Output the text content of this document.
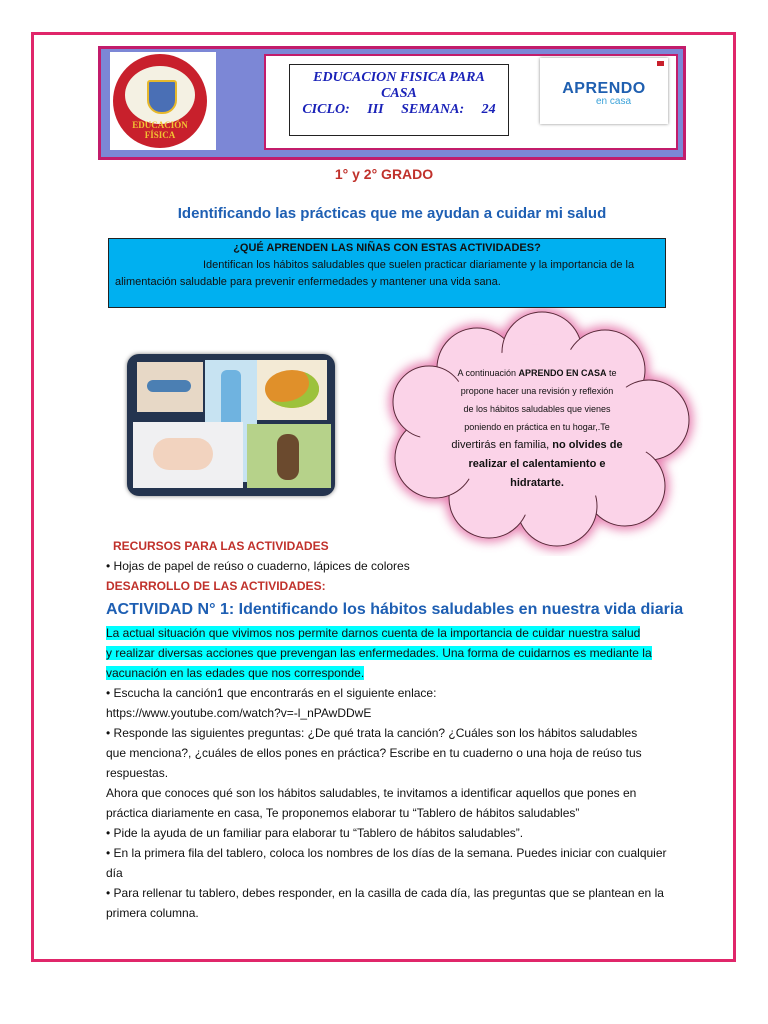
EDUCACIÓN
FÍSICA
EDUCACION FISICA PARA
CASA
CICLO: III SEMANA: 24
APRENDO
en casa
1° y 2° GRADO
Identificando las prácticas que me ayudan a cuidar mi salud
¿QUÉ APRENDEN LAS NIÑAS CON ESTAS ACTIVIDADES?
Identifican los hábitos saludables que suelen practicar diariamente y la importancia de la alimentación saludable para prevenir enfermedades y mantener una vida sana.
A continuación APRENDO EN CASA te
propone hacer una revisión y reflexión
de los hábitos saludables que vienes
poniendo en práctica en tu hogar,.Te
divertirás en familia, no olvides de
realizar el calentamiento e
hidratarte.
RECURSOS PARA LAS ACTIVIDADES
• Hojas de papel de reúso o cuaderno, lápices de colores
DESARROLLO DE LAS ACTIVIDADES:
ACTIVIDAD N° 1: Identificando los hábitos saludables en nuestra vida diaria
La actual situación que vivimos nos permite darnos cuenta de la importancia de cuidar nuestra salud
y realizar diversas acciones que prevengan las enfermedades. Una forma de cuidarnos es mediante la
vacunación en las edades que nos corresponde.
• Escucha la canción1 que encontrarás en el siguiente enlace:
https://www.youtube.com/watch?v=-l_nPAwDDwE
• Responde las siguientes preguntas: ¿De qué trata la canción? ¿Cuáles son los hábitos saludables
que menciona?, ¿cuáles de ellos pones en práctica? Escribe en tu cuaderno o una hoja de reúso tus
respuestas.
Ahora que conoces qué son los hábitos saludables, te invitamos a identificar aquellos que pones en
práctica diariamente en casa, Te proponemos elaborar tu “Tablero de hábitos saludables”
• Pide la ayuda de un familiar para elaborar tu “Tablero de hábitos saludables”.
• En la primera fila del tablero, coloca los nombres de los días de la semana. Puedes iniciar con cualquier
día
• Para rellenar tu tablero, debes responder, en la casilla de cada día, las preguntas que se plantean en la
primera columna.
